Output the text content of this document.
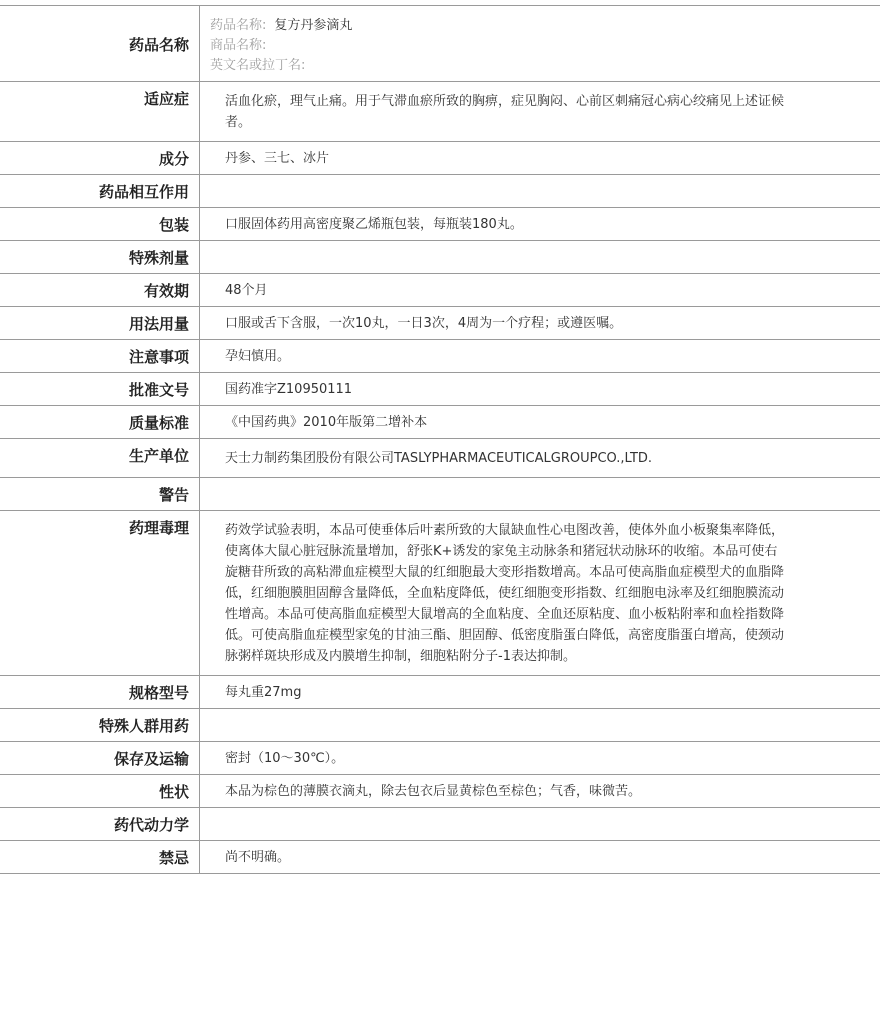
药品名称
药品名称: 复方丹参滴丸
商品名称:
英文名或拉丁名:
适应症	活血化瘀，理气止痛。用于气滞血瘀所致的胸痹，症见胸闷、心前区刺痛冠心病心绞痛见上述证候者。
成分	丹参、三七、冰片
药品相互作用
包装	口服固体药用高密度聚乙烯瓶包装，每瓶装180丸。
特殊剂量
有效期	48个月
用法用量	口服或舌下含服，一次10丸，一日3次，4周为一个疗程；或遵医嘱。
注意事项	孕妇慎用。
批准文号	国药准字Z10950111
质量标准	《中国药典》2010年版第二增补本
生产单位	天士力制药集团股份有限公司TASLYPHARMACEUTICALGROUPCO.,LTD.
警告
药理毒理	药效学试验表明，本品可使垂体后叶素所致的大鼠缺血性心电图改善，使体外血小板聚集率降低，使离体大鼠心脏冠脉流量增加，舒张K+诱发的家兔主动脉条和猪冠状动脉环的收缩。本品可使右旋糖苷所致的高粘滞血症模型大鼠的红细胞最大变形指数增高。本品可使高脂血症模型犬的血脂降低，红细胞膜胆固醇含量降低，全血粘度降低，使红细胞变形指数、红细胞电泳率及红细胞膜流动性增高。本品可使高脂血症模型大鼠增高的全血粘度、全血还原粘度、血小板粘附率和血栓指数降低。可使高脂血症模型家兔的甘油三酯、胆固醇、低密度脂蛋白降低，高密度脂蛋白增高，使颈动脉粥样斑块形成及内膜增生抑制，细胞粘附分子-1表达抑制。
规格型号	每丸重27mg
特殊人群用药
保存及运输	密封（10～30℃）。
性状	本品为棕色的薄膜衣滴丸，除去包衣后显黄棕色至棕色；气香，味微苦。
药代动力学
禁忌	尚不明确。
